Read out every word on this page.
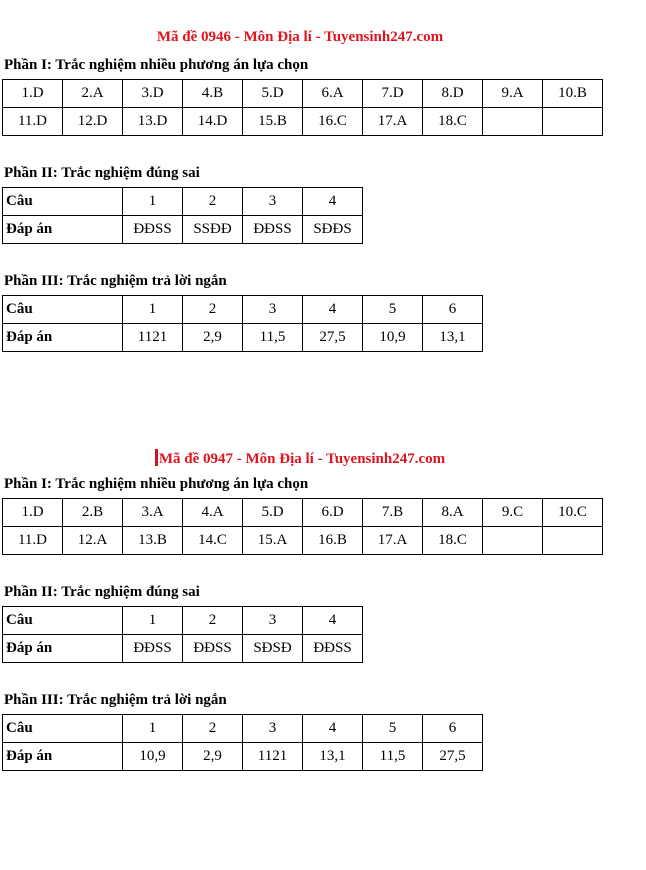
Mã đề 0946 - Môn Địa lí - Tuyensinh247.com
Phần I: Trắc nghiệm nhiều phương án lựa chọn
1.D	2.A	3.D	4.B	5.D	6.A	7.D	8.D	9.A	10.B
11.D	12.D	13.D	14.D	15.B	16.C	17.A	18.C		
Phần II: Trắc nghiệm đúng sai
Câu	1	2	3	4
Đáp án	ĐĐSS	SSĐĐ	ĐĐSS	SĐĐS
Phần III: Trắc nghiệm trả lời ngắn
Câu	1	2	3	4	5	6
Đáp án	1121	2,9	11,5	27,5	10,9	13,1
Mã đề 0947 - Môn Địa lí - Tuyensinh247.com
Phần I: Trắc nghiệm nhiều phương án lựa chọn
1.D	2.B	3.A	4.A	5.D	6.D	7.B	8.A	9.C	10.C
11.D	12.A	13.B	14.C	15.A	16.B	17.A	18.C		
Phần II: Trắc nghiệm đúng sai
Câu	1	2	3	4
Đáp án	ĐĐSS	ĐĐSS	SĐSĐ	ĐĐSS
Phần III: Trắc nghiệm trả lời ngắn
Câu	1	2	3	4	5	6
Đáp án	10,9	2,9	1121	13,1	11,5	27,5
